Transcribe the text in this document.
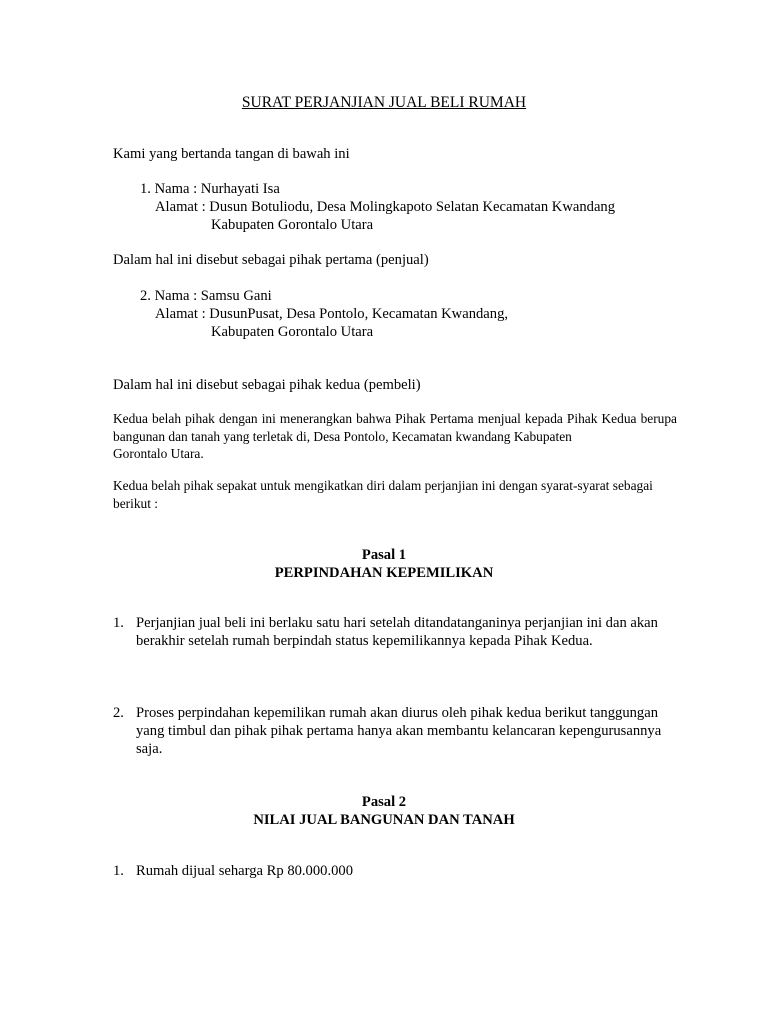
SURAT PERJANJIAN JUAL BELI RUMAH
Kami yang bertanda tangan di bawah ini
1. Nama : Nurhayati Isa
Alamat : Dusun Botuliodu, Desa Molingkapoto Selatan Kecamatan Kwandang
Kabupaten Gorontalo Utara
Dalam hal ini disebut sebagai pihak pertama (penjual)
2. Nama : Samsu Gani
Alamat : DusunPusat, Desa Pontolo, Kecamatan Kwandang,
Kabupaten Gorontalo Utara
Dalam hal ini disebut sebagai pihak kedua (pembeli)
Kedua belah pihak dengan ini menerangkan bahwa Pihak Pertama menjual kepada Pihak Kedua berupa bangunan dan tanah yang terletak di, Desa Pontolo, Kecamatan kwandang Kabupaten
Gorontalo Utara.
Kedua belah pihak sepakat untuk mengikatkan diri dalam perjanjian ini dengan syarat-syarat sebagai
berikut :
Pasal 1
PERPINDAHAN KEPEMILIKAN
1. Perjanjian jual beli ini berlaku satu hari setelah ditandatanganinya perjanjian ini dan akan
berakhir setelah rumah berpindah status kepemilikannya kepada Pihak Kedua.
2. Proses perpindahan kepemilikan rumah akan diurus oleh pihak kedua berikut tanggungan
yang timbul dan pihak pihak pertama hanya akan membantu kelancaran kepengurusannya
saja.
Pasal 2
NILAI JUAL BANGUNAN DAN TANAH
1. Rumah dijual seharga Rp 80.000.000
